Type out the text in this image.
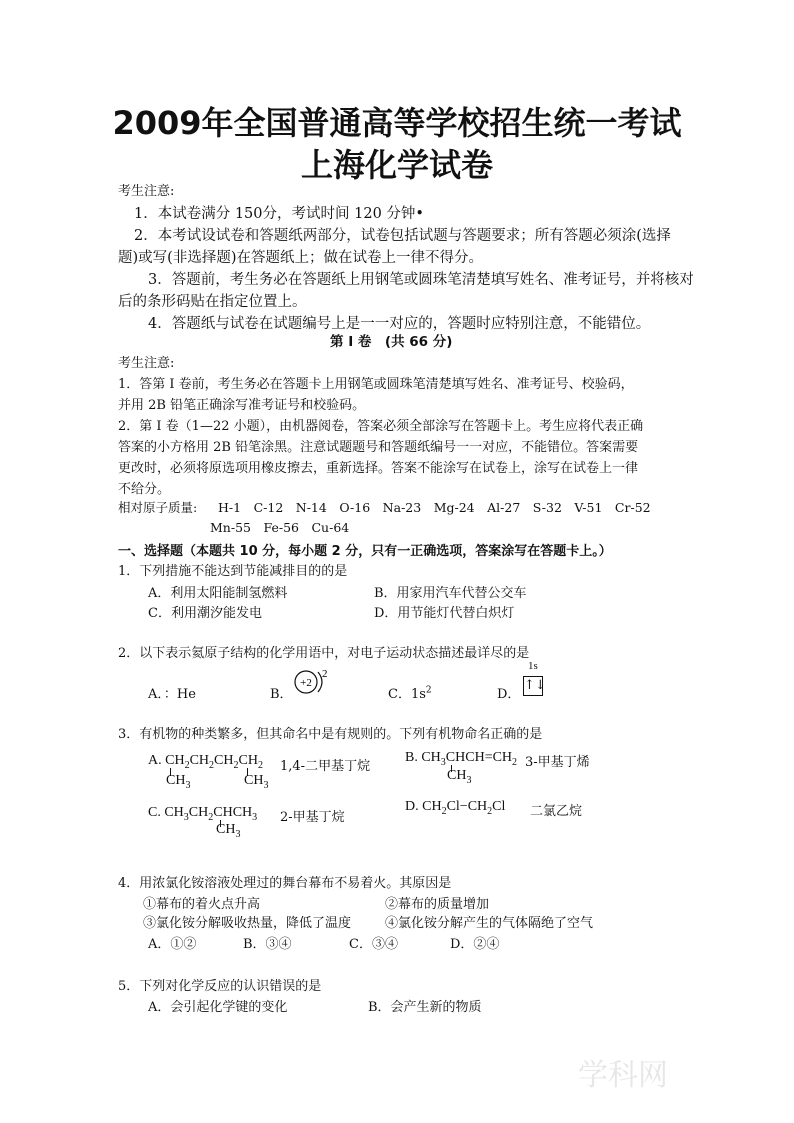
2009年全国普通高等学校招生统一考试
上海化学试卷
考生注意:
1．本试卷满分 150分，考试时间 120 分钟•
2．本考试设试卷和答题纸两部分，试卷包括试题与答题要求；所有答题必须涂(选择
题)或写(非选择题)在答题纸上；做在试卷上一律不得分。
3．答题前，考生务必在答题纸上用钢笔或圆珠笔清楚填写姓名、准考证号，并将核对
后的条形码贴在指定位置上。
4．答题纸与试卷在试题编号上是一一对应的，答题时应特别注意，不能错位。
第 I 卷　(共 66 分)
考生注意:
1．答第 I 卷前，考生务必在答题卡上用钢笔或圆珠笔清楚填写姓名、准考证号、校验码，
并用 2B 铅笔正确涂写准考证号和校验码。
2．第 I 卷（1—22 小题），由机器阅卷，答案必须全部涂写在答题卡上。考生应将代表正确
答案的小方格用 2B 铅笔涂黑。注意试题题号和答题纸编号一一对应，不能错位。答案需要
更改时，必须将原选项用橡皮擦去，重新选择。答案不能涂写在试卷上，涂写在试卷上一律
不给分。
相对原子质量: H-1　C-12　N-14　O-16　Na-23　Mg-24　Al-27　S-32　V-51　Cr-52
Mn-55　Fe-56　Cu-64
一、选择题（本题共 10 分，每小题 2 分，只有一正确选项，答案涂写在答题卡上。）
1．下列措施不能达到节能减排目的的是
A．利用太阳能制氢燃料	B．用家用汽车代替公交车
C．利用潮汐能发电	D．用节能灯代替白炽灯
2．以下表示氦原子结构的化学用语中，对电子运动状态描述最详尽的是
A．：He	B．
+2
2
C．$1s^2$	D．
1s
↑↓
3．有机物的种类繁多，但其命名中是有规则的。下列有机物命名正确的是
A. $CH_2CH_2CH_2CH_2$
$CH_3$	$CH_3$
1,4-二甲基丁烷
B. $CH_3CHCH=CH_2$
$CH_3$
3-甲基丁烯
C. $CH_3CH_2CHCH_3$
$CH_3$
2-甲基丁烷
D. $CH_2Cl-CH_2Cl$ 二氯乙烷
4．用浓氯化铵溶液处理过的舞台幕布不易着火。其原因是
①幕布的着火点升高	②幕布的质量增加
③氯化铵分解吸收热量，降低了温度	④氯化铵分解产生的气体隔绝了空气
A．①②	B．③④	C．③④	D．②④
5．下列对化学反应的认识错误的是
A．会引起化学键的变化	B．会产生新的物质
学科网
